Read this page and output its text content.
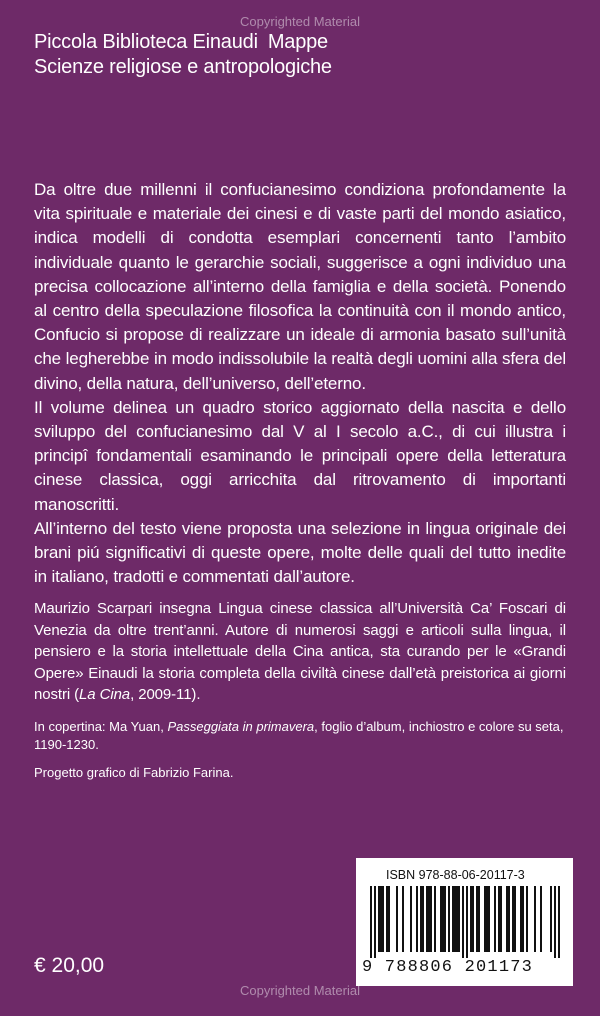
Copyrighted Material
Piccola Biblioteca Einaudi Mappe
Scienze religiose e antropologiche

Da oltre due millenni il confucianesimo condiziona profondamente la vita spirituale e materiale dei cinesi e di vaste parti del mondo asiatico, indica modelli di condotta esemplari concernenti tanto l’ambito individuale quanto le gerarchie sociali, suggerisce a ogni individuo una precisa collocazione all’interno della famiglia e della società. Ponendo al centro della speculazione filosofica la continuità con il mondo antico, Confucio si propose di realizzare un ideale di armonia basato sull’unità che legherebbe in modo indissolubile la realtà degli uomini alla sfera del divino, della natura, dell’universo, dell’eterno.

Il volume delinea un quadro storico aggiornato della nascita e dello sviluppo del confucianesimo dal V al I secolo a.C., di cui illustra i principî fondamentali esaminando le principali opere della letteratura cinese classica, oggi arricchita dal ritrovamento di importanti manoscritti.

All’interno del testo viene proposta una selezione in lingua originale dei brani piú significativi di queste opere, molte delle quali del tutto inedite in italiano, tradotti e commentati dall’autore.

Maurizio Scarpari insegna Lingua cinese classica all’Università Ca’ Foscari di Venezia da oltre trent’anni. Autore di numerosi saggi e articoli sulla lingua, il pensiero e la storia intellettuale della Cina antica, sta curando per le «Grandi Opere» Einaudi la storia completa della civiltà cinese dall’età preistorica ai giorni nostri (La Cina, 2009-11).
In copertina: Ma Yuan, Passeggiata in primavera, foglio d’album, inchiostro e colore su seta, 1190-1230.
Progetto grafico di Fabrizio Farina.
€ 20,00
ISBN 978-88-06-20117-3
9 788806 201173
Copyrighted Material
